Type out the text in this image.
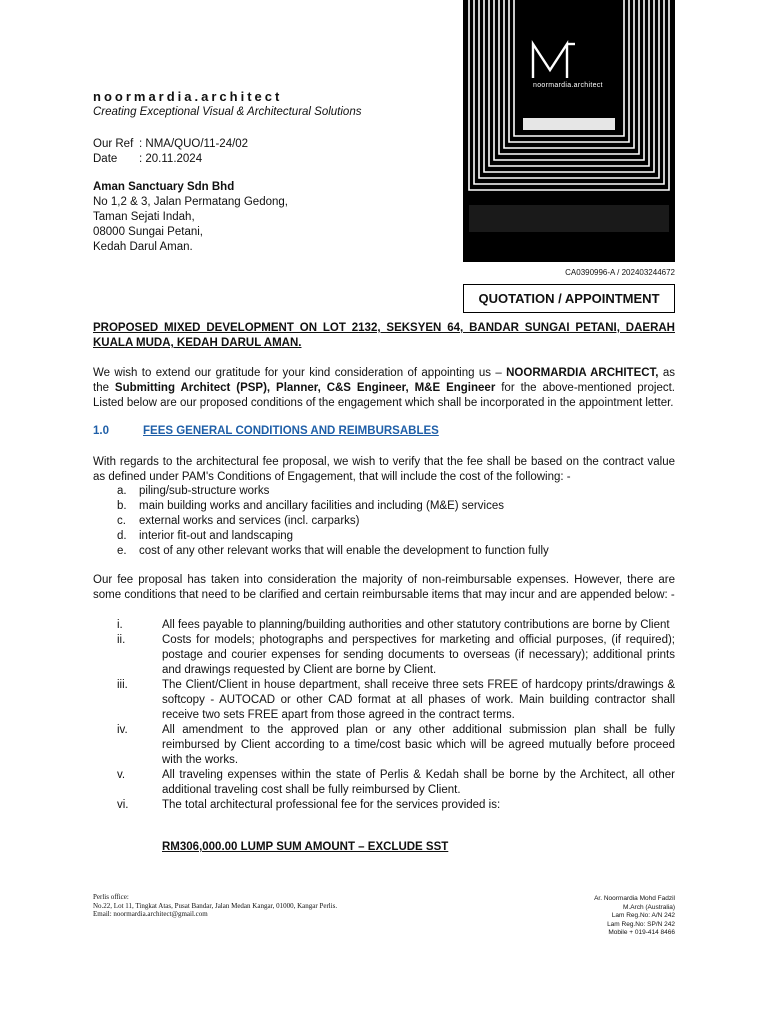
noormardia.architect
Creating Exceptional Visual & Architectural Solutions
Our Ref : NMA/QUO/11-24/02
Date : 20.11.2024
Aman Sanctuary Sdn Bhd
No 1,2 & 3, Jalan Permatang Gedong,
Taman Sejati Indah,
08000 Sungai Petani,
Kedah Darul Aman.
noormardia.architect
CA0390996-A / 202403244672
QUOTATION / APPOINTMENT
PROPOSED MIXED DEVELOPMENT ON LOT 2132, SEKSYEN 64, BANDAR SUNGAI PETANI, DAERAH KUALA MUDA, KEDAH DARUL AMAN.
We wish to extend our gratitude for your kind consideration of appointing us – NOORMARDIA ARCHITECT, as the Submitting Architect (PSP), Planner, C&S Engineer, M&E Engineer for the above-mentioned project. Listed below are our proposed conditions of the engagement which shall be incorporated in the appointment letter.
1.0	FEES GENERAL CONDITIONS AND REIMBURSABLES
With regards to the architectural fee proposal, we wish to verify that the fee shall be based on the contract value as defined under PAM's Conditions of Engagement, that will include the cost of the following: -
a.	piling/sub-structure works
b.	main building works and ancillary facilities and including (M&E) services
c.	external works and services (incl. carparks)
d.	interior fit-out and landscaping
e.	cost of any other relevant works that will enable the development to function fully
Our fee proposal has taken into consideration the majority of non-reimbursable expenses. However, there are some conditions that need to be clarified and certain reimbursable items that may incur and are appended below: -
i.	All fees payable to planning/building authorities and other statutory contributions are borne by Client
ii.	Costs for models; photographs and perspectives for marketing and official purposes, (if required); postage and courier expenses for sending documents to overseas (if necessary); additional prints and drawings requested by Client are borne by Client.
iii.	The Client/Client in house department, shall receive three sets FREE of hardcopy prints/drawings & softcopy - AUTOCAD or other CAD format at all phases of work. Main building contractor shall receive two sets FREE apart from those agreed in the contract terms.
iv.	All amendment to the approved plan or any other additional submission plan shall be fully reimbursed by Client according to a time/cost basic which will be agreed mutually before proceed with the works.
v.	All traveling expenses within the state of Perlis & Kedah shall be borne by the Architect, all other additional traveling cost shall be fully reimbursed by Client.
vi.	The total architectural professional fee for the services provided is:
RM306,000.00 LUMP SUM AMOUNT – EXCLUDE SST
Perlis office:
No.22, Lot 11, Tingkat Atas, Pusat Bandar, Jalan Medan Kangar, 01000, Kangar Perlis.
Email: noormardia.architect@gmail.com
Ar. Noormardia Mohd Fadzil
M.Arch (Australia)
Lam Reg.No: A/N 242
Lam Reg.No: SP/N 242
Mobile + 019-414 8466
